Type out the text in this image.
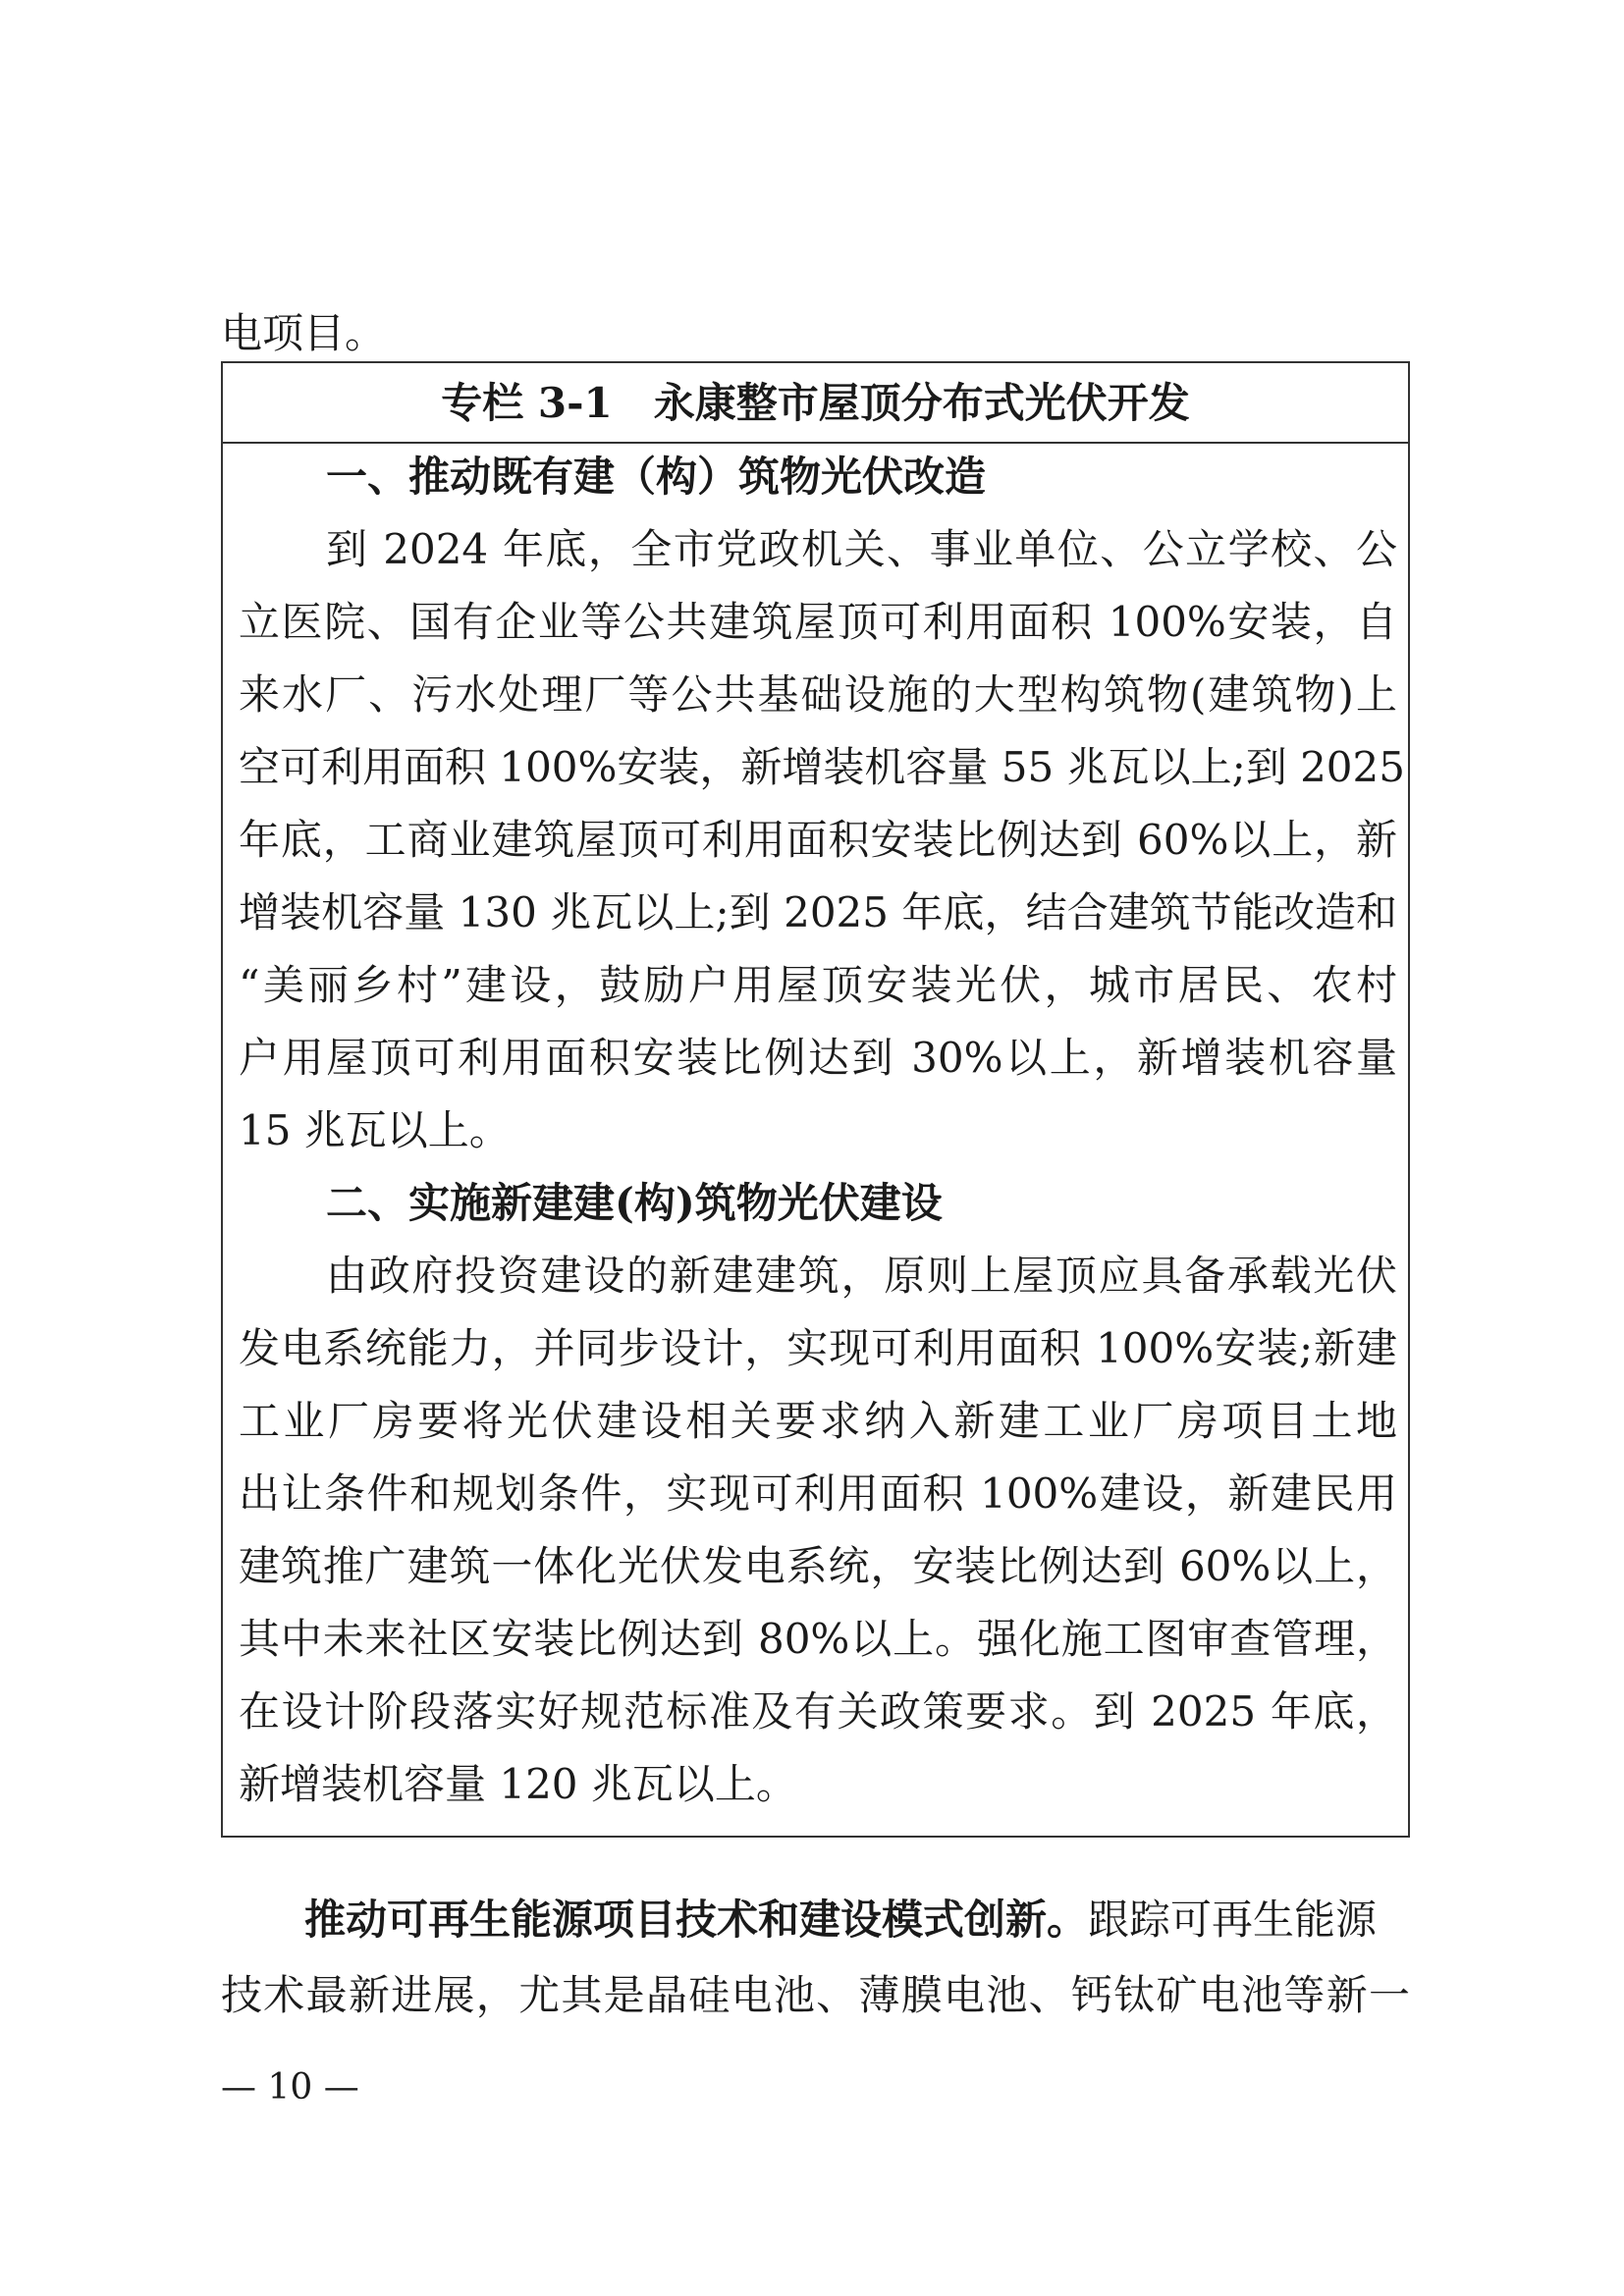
电项目。
专栏 3-1　永康整市屋顶分布式光伏开发
一、推动既有建（构）筑物光伏改造
到 2024 年底，全市党政机关、事业单位、公立学校、公
立医院、国有企业等公共建筑屋顶可利用面积 100%安装，自
来水厂、污水处理厂等公共基础设施的大型构筑物(建筑物)上
空可利用面积 100%安装，新增装机容量 55 兆瓦以上;到 2025
年底，工商业建筑屋顶可利用面积安装比例达到 60%以上，新
增装机容量 130 兆瓦以上;到 2025 年底，结合建筑节能改造和
“美丽乡村”建设，鼓励户用屋顶安装光伏，城市居民、农村
户用屋顶可利用面积安装比例达到 30%以上，新增装机容量
15 兆瓦以上。
二、实施新建建(构)筑物光伏建设
由政府投资建设的新建建筑，原则上屋顶应具备承载光伏
发电系统能力，并同步设计，实现可利用面积 100%安装;新建
工业厂房要将光伏建设相关要求纳入新建工业厂房项目土地
出让条件和规划条件，实现可利用面积 100%建设，新建民用
建筑推广建筑一体化光伏发电系统，安装比例达到 60%以上，
其中未来社区安装比例达到 80%以上。强化施工图审查管理，
在设计阶段落实好规范标准及有关政策要求。到 2025 年底，
新增装机容量 120 兆瓦以上。
推动可再生能源项目技术和建设模式创新。跟踪可再生能源
技术最新进展，尤其是晶硅电池、薄膜电池、钙钛矿电池等新一
— 10 —
